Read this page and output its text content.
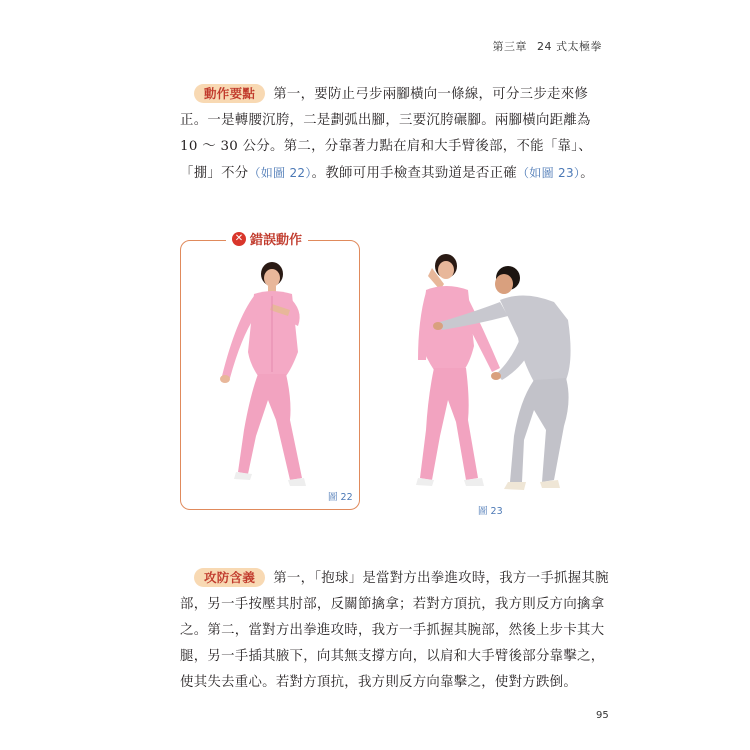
第三章 24 式太極拳
動作要點 第一，要防止弓步兩腳橫向一條線，可分三步走來修正。一是轉腰沉胯，二是劃弧出腳，三要沉胯碾腳。兩腳橫向距離為 10 ～ 30 公分。第二，分靠著力點在肩和大手臂後部，不能「靠」、「掤」不分（如圖 22）。教師可用手檢查其勁道是否正確（如圖 23）。
✕ 錯誤動作
圖 22
圖 23
攻防含義 第一，「抱球」是當對方出拳進攻時，我方一手抓握其腕部，另一手按壓其肘部，反關節擒拿；若對方頂抗，我方則反方向擒拿之。第二，當對方出拳進攻時，我方一手抓握其腕部，然後上步卡其大腿，另一手插其腋下，向其無支撐方向，以肩和大手臂後部分靠擊之，使其失去重心。若對方頂抗，我方則反方向靠擊之，使對方跌倒。
95
